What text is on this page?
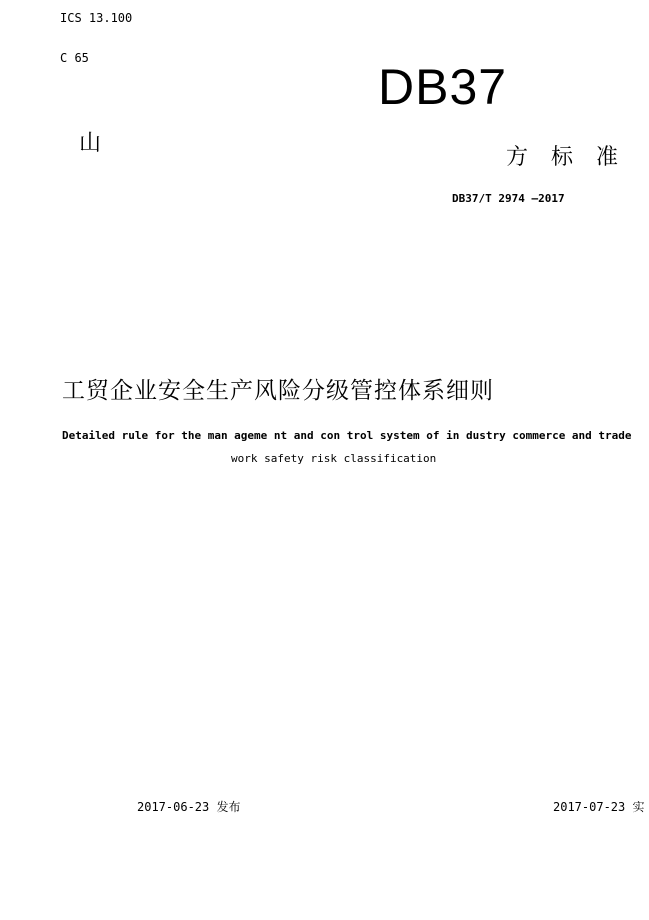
ICS 13.100
C 65
DB37
山
方 标 准
DB37/T 2974 —2017
工贸企业安全生产风险分级管控体系细则
Detailed rule for the man ageme nt and con trol system of in dustry commerce and trade
work safety risk classification
2017-06-23 发布	2017-07-23 实
